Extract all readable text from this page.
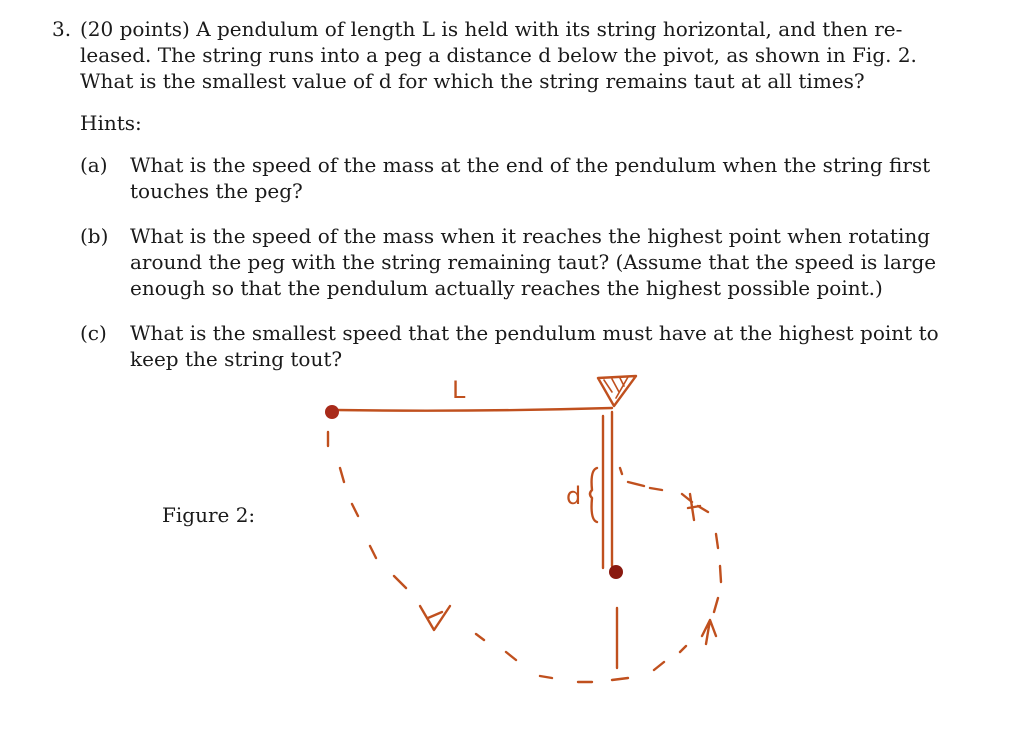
3. (20 points) A pendulum of length L is held with its string horizontal, and then re- leased. The string runs into a peg a distance d below the pivot, as shown in Fig. 2. What is the smallest value of d for which the string remains taut at all times?
Hints:
(a) What is the speed of the mass at the end of the pendulum when the string first touches the peg?
(b) What is the speed of the mass when it reaches the highest point when rotating around the peg with the string remaining taut? (Assume that the speed is large enough so that the pendulum actually reaches the highest possible point.)
(c) What is the smallest speed that the pendulum must have at the highest point to keep the string tout?
Figure 2:
L
d
